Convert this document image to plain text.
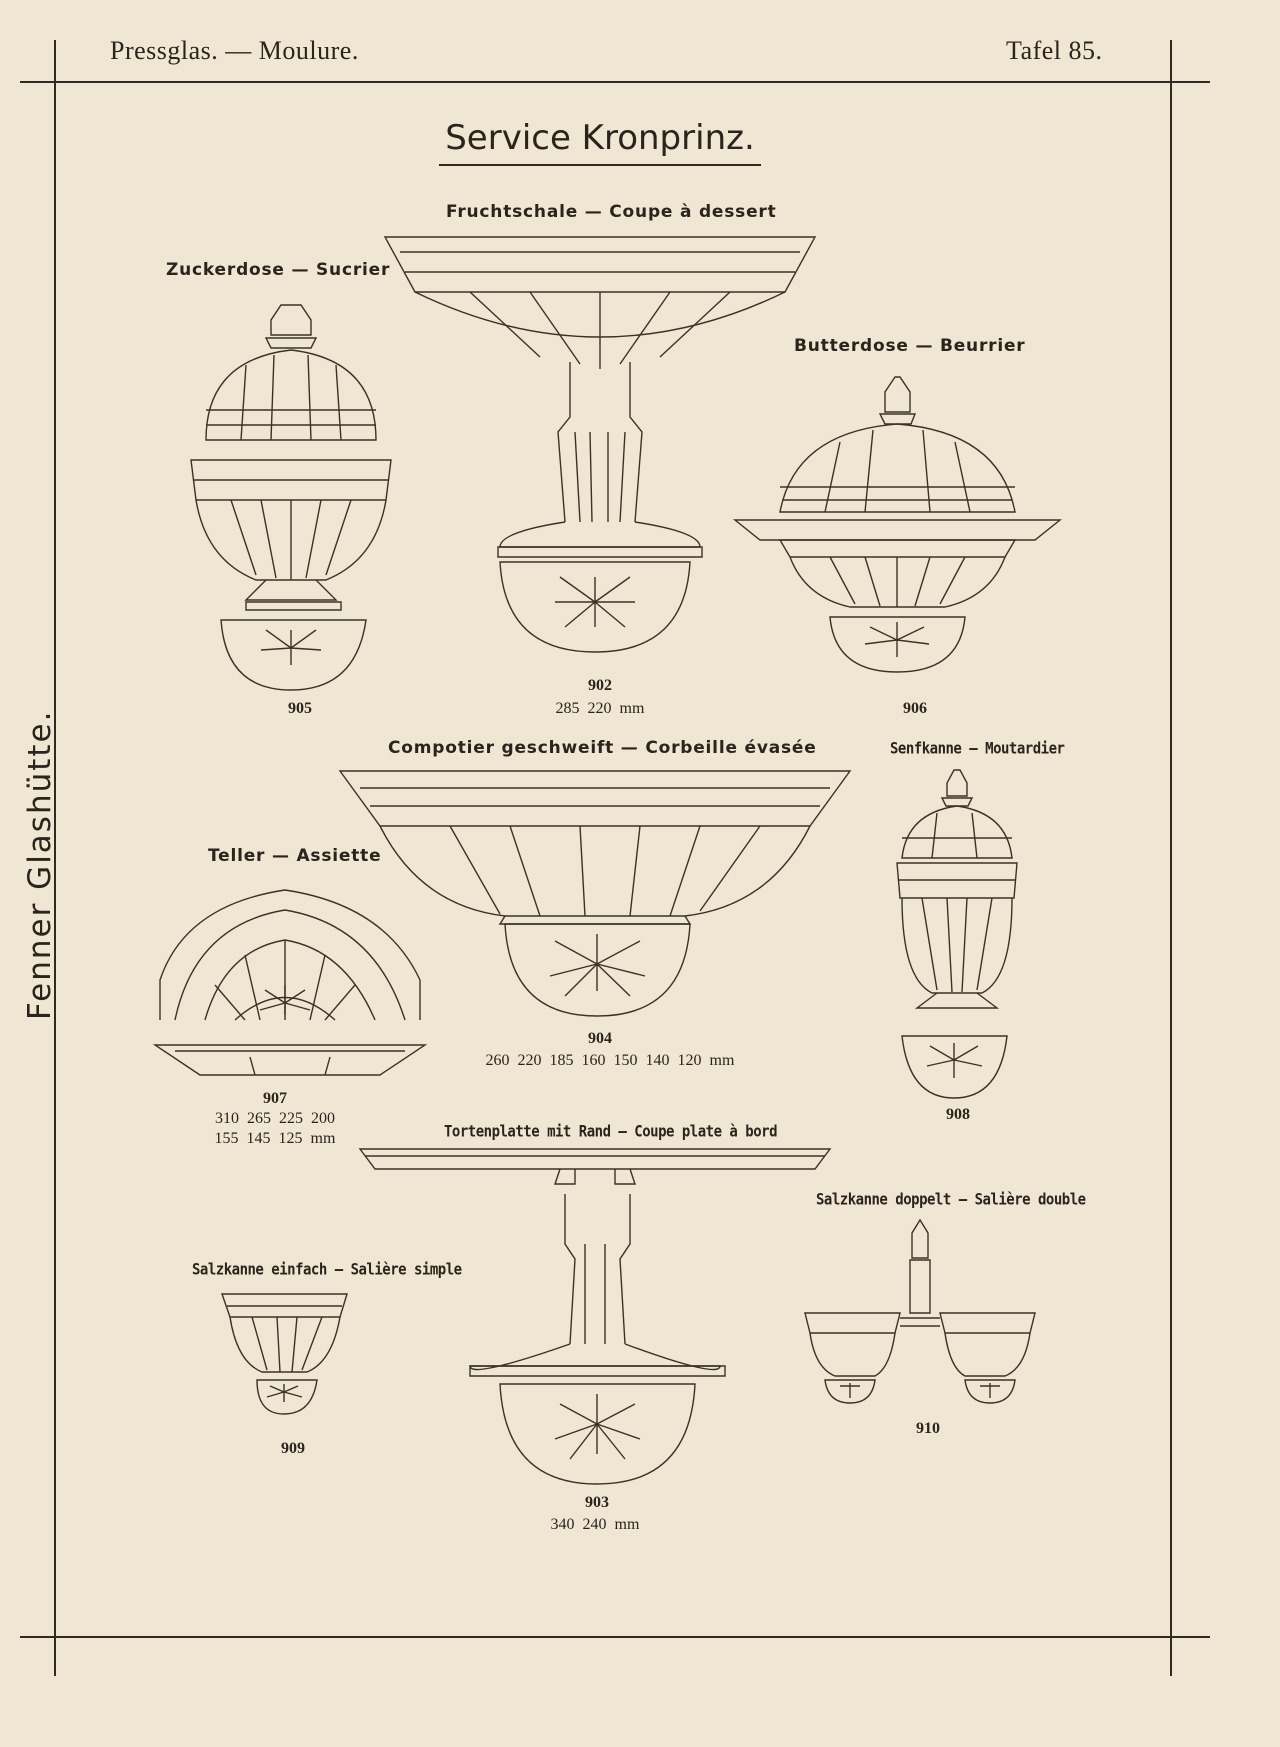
Pressglas. — Moulure.	Tafel 85.
Service Kronprinz.
Fenner Glashütte.
Fruchtschale — Coupe à dessert
902
285 220 mm
Zuckerdose — Sucrier
905
Butterdose — Beurrier
906
Compotier geschweift — Corbeille évasée
904
260 220 185 160 150 140 120 mm
Senfkanne — Moutardier
908
Teller — Assiette
907
310 265 225 200
155 145 125 mm	Tortenplatte mit Rand — Coupe plate à bord
903
340 240 mm
Salzkanne einfach — Salière simple
909
Salzkanne doppelt — Salière double
910
